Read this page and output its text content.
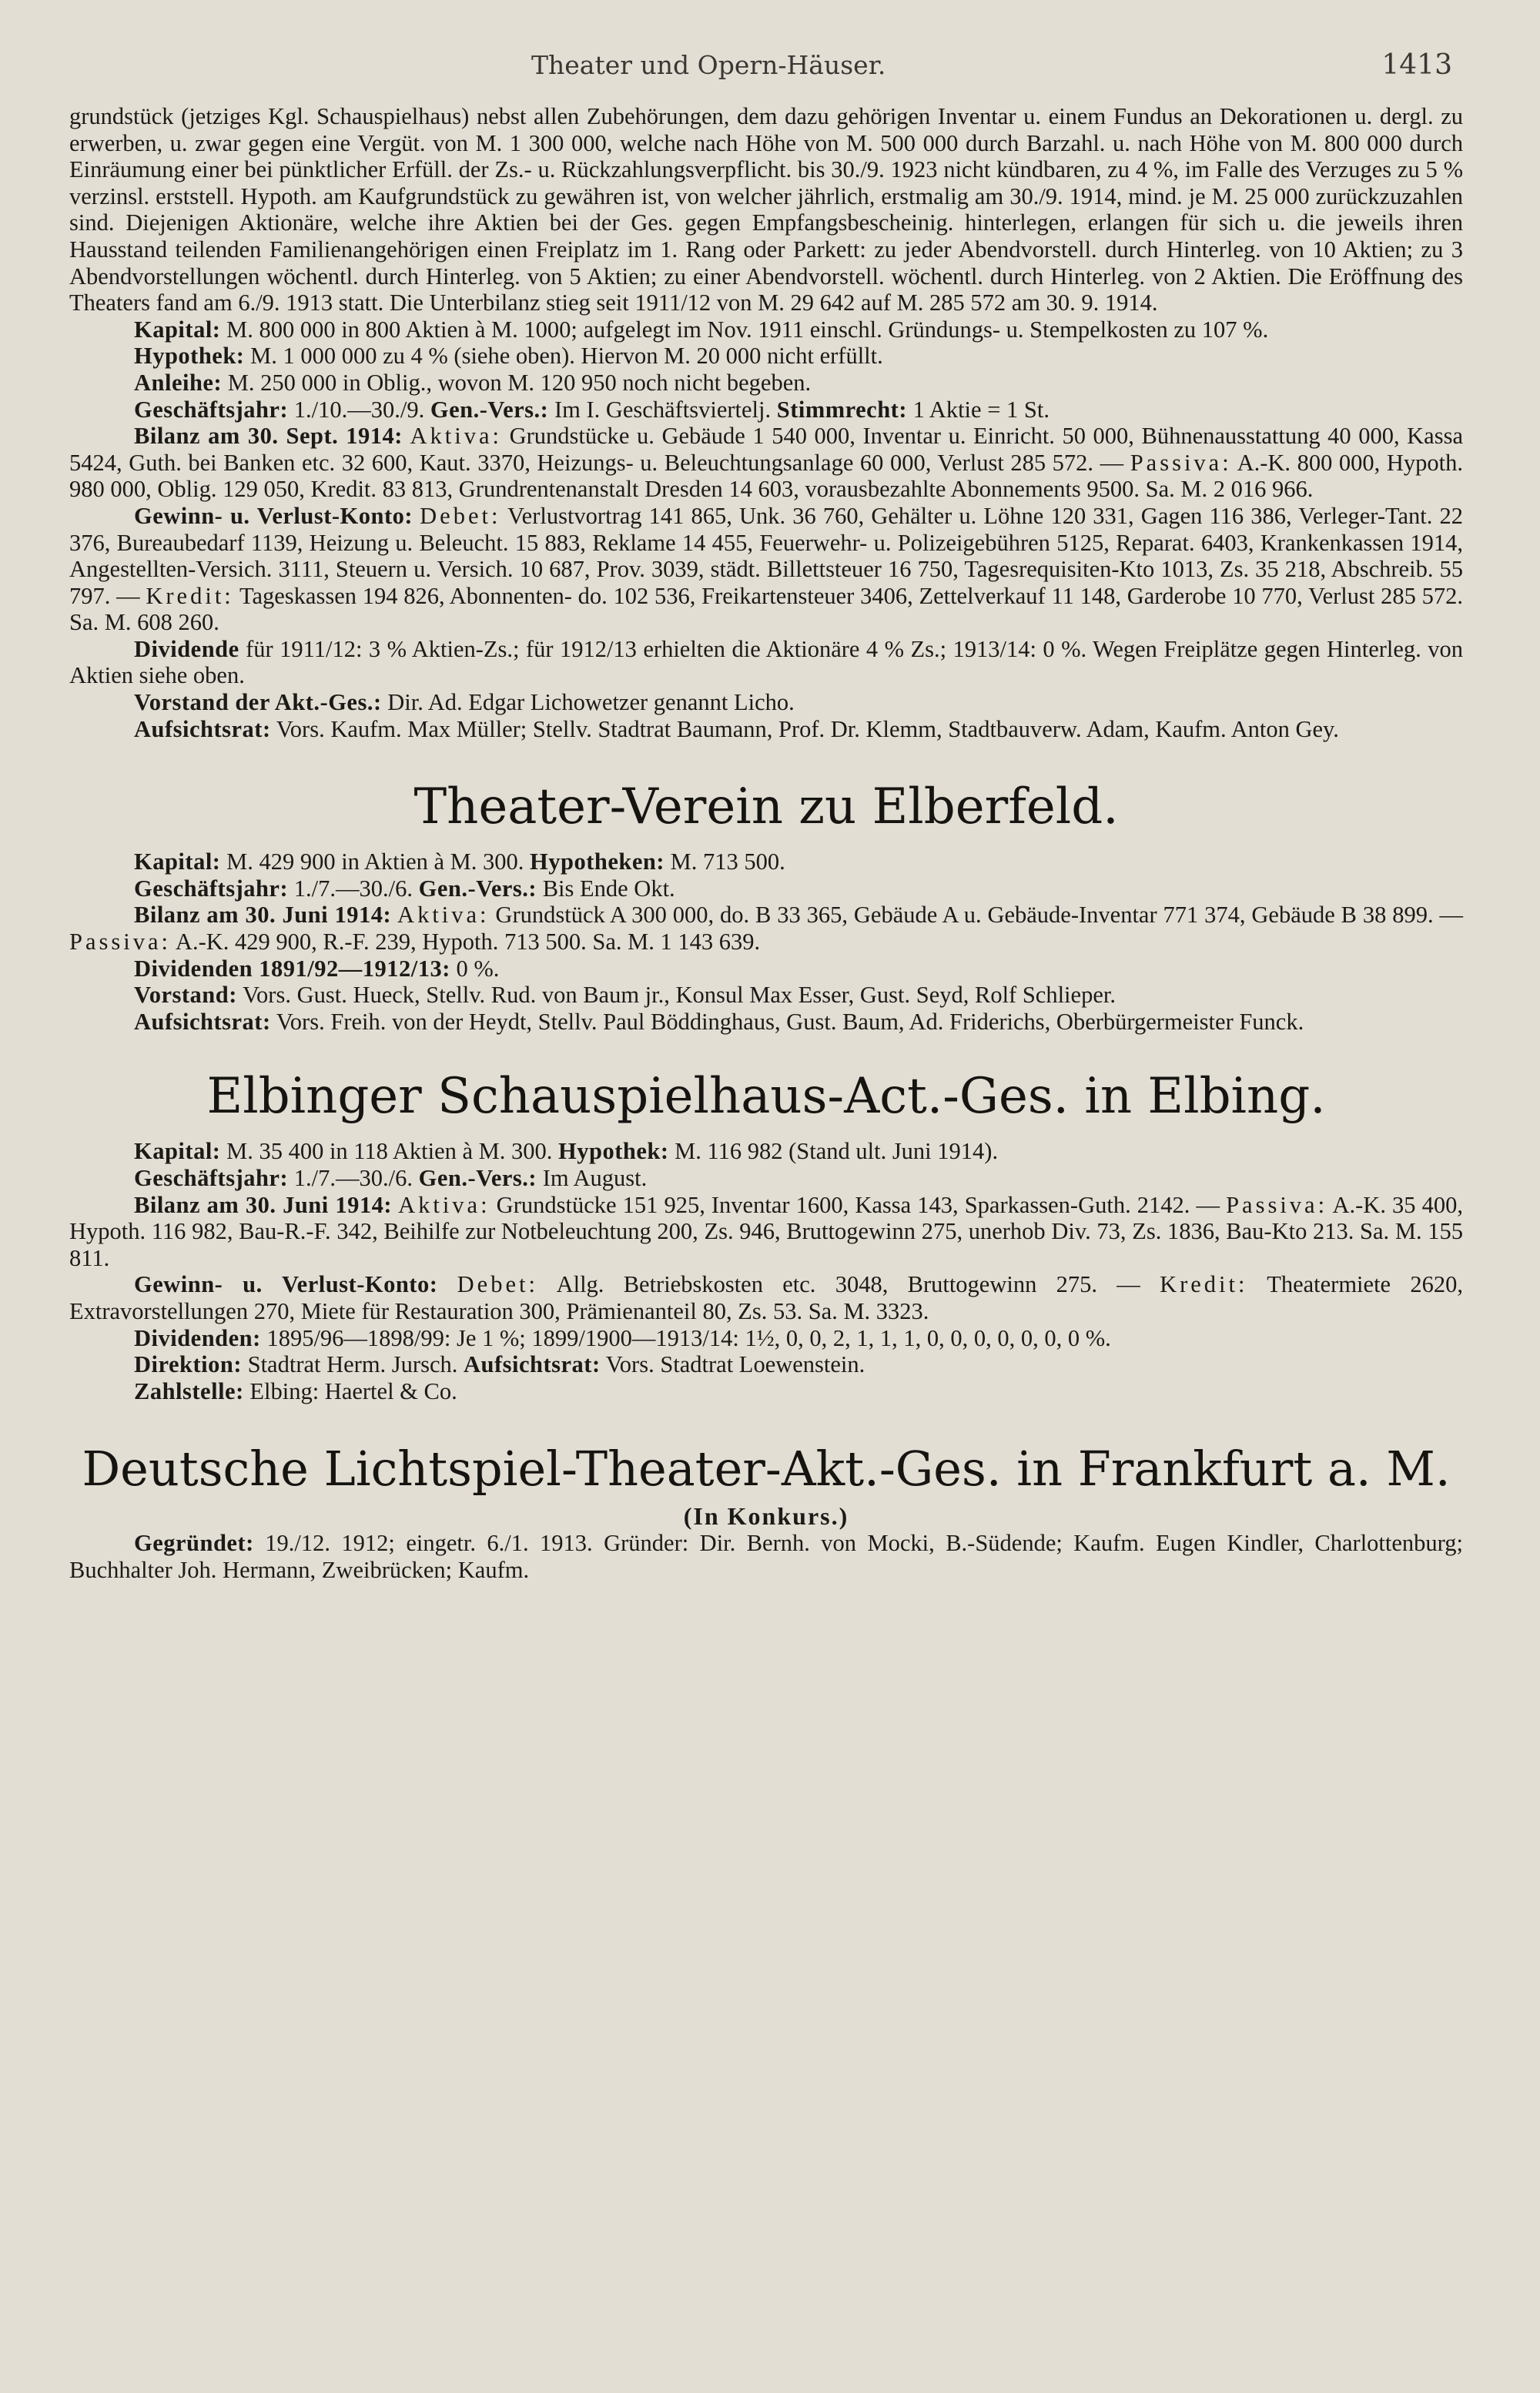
Theater und Opern-Häuser.	1413

grundstück (jetziges Kgl. Schauspielhaus) nebst allen Zubehörungen, dem dazu gehörigen Inventar u. einem Fundus an Dekorationen u. dergl. zu erwerben, u. zwar gegen eine Vergüt. von M. 1 300 000, welche nach Höhe von M. 500 000 durch Barzahl. u. nach Höhe von M. 800 000 durch Einräumung einer bei pünktlicher Erfüll. der Zs.- u. Rückzahlungsverpflicht. bis 30./9. 1923 nicht kündbaren, zu 4 %, im Falle des Verzuges zu 5 % verzinsl. erststell. Hypoth. am Kaufgrundstück zu gewähren ist, von welcher jährlich, erstmalig am 30./9. 1914, mind. je M. 25 000 zurückzuzahlen sind. Diejenigen Aktionäre, welche ihre Aktien bei der Ges. gegen Empfangsbescheinig. hinterlegen, erlangen für sich u. die jeweils ihren Hausstand teilenden Familienangehörigen einen Freiplatz im 1. Rang oder Parkett: zu jeder Abendvorstell. durch Hinterleg. von 10 Aktien; zu 3 Abendvorstellungen wöchentl. durch Hinterleg. von 5 Aktien; zu einer Abendvorstell. wöchentl. durch Hinterleg. von 2 Aktien. Die Eröffnung des Theaters fand am 6./9. 1913 statt. Die Unterbilanz stieg seit 1911/12 von M. 29 642 auf M. 285 572 am 30. 9. 1914.

Kapital: M. 800 000 in 800 Aktien à M. 1000; aufgelegt im Nov. 1911 einschl. Gründungs- u. Stempelkosten zu 107 %.

Hypothek: M. 1 000 000 zu 4 % (siehe oben). Hiervon M. 20 000 nicht erfüllt.

Anleihe: M. 250 000 in Oblig., wovon M. 120 950 noch nicht begeben.

Geschäftsjahr: 1./10.—30./9. Gen.-Vers.: Im I. Geschäftsviertelj. Stimmrecht: 1 Aktie = 1 St.

Bilanz am 30. Sept. 1914: Aktiva: Grundstücke u. Gebäude 1 540 000, Inventar u. Einricht. 50 000, Bühnenausstattung 40 000, Kassa 5424, Guth. bei Banken etc. 32 600, Kaut. 3370, Heizungs- u. Beleuchtungsanlage 60 000, Verlust 285 572. — Passiva: A.-K. 800 000, Hypoth. 980 000, Oblig. 129 050, Kredit. 83 813, Grundrentenanstalt Dresden 14 603, vorausbezahlte Abonnements 9500. Sa. M. 2 016 966.

Gewinn- u. Verlust-Konto: Debet: Verlustvortrag 141 865, Unk. 36 760, Gehälter u. Löhne 120 331, Gagen 116 386, Verleger-Tant. 22 376, Bureaubedarf 1139, Heizung u. Beleucht. 15 883, Reklame 14 455, Feuerwehr- u. Polizeigebühren 5125, Reparat. 6403, Krankenkassen 1914, Angestellten-Versich. 3111, Steuern u. Versich. 10 687, Prov. 3039, städt. Billettsteuer 16 750, Tagesrequisiten-Kto 1013, Zs. 35 218, Abschreib. 55 797. — Kredit: Tageskassen 194 826, Abonnenten- do. 102 536, Freikartensteuer 3406, Zettelverkauf 11 148, Garderobe 10 770, Verlust 285 572. Sa. M. 608 260.

Dividende für 1911/12: 3 % Aktien-Zs.; für 1912/13 erhielten die Aktionäre 4 % Zs.; 1913/14: 0 %. Wegen Freiplätze gegen Hinterleg. von Aktien siehe oben.

Vorstand der Akt.-Ges.: Dir. Ad. Edgar Lichowetzer genannt Licho.

Aufsichtsrat: Vors. Kaufm. Max Müller; Stellv. Stadtrat Baumann, Prof. Dr. Klemm, Stadtbauverw. Adam, Kaufm. Anton Gey.

Theater-Verein zu Elberfeld.

Kapital: M. 429 900 in Aktien à M. 300. Hypotheken: M. 713 500.

Geschäftsjahr: 1./7.—30./6. Gen.-Vers.: Bis Ende Okt.

Bilanz am 30. Juni 1914: Aktiva: Grundstück A 300 000, do. B 33 365, Gebäude A u. Gebäude-Inventar 771 374, Gebäude B 38 899. — Passiva: A.-K. 429 900, R.-F. 239, Hypoth. 713 500. Sa. M. 1 143 639.

Dividenden 1891/92—1912/13: 0 %.

Vorstand: Vors. Gust. Hueck, Stellv. Rud. von Baum jr., Konsul Max Esser, Gust. Seyd, Rolf Schlieper.

Aufsichtsrat: Vors. Freih. von der Heydt, Stellv. Paul Böddinghaus, Gust. Baum, Ad. Friderichs, Oberbürgermeister Funck.

Elbinger Schauspielhaus-Act.-Ges. in Elbing.

Kapital: M. 35 400 in 118 Aktien à M. 300. Hypothek: M. 116 982 (Stand ult. Juni 1914).

Geschäftsjahr: 1./7.—30./6. Gen.-Vers.: Im August.

Bilanz am 30. Juni 1914: Aktiva: Grundstücke 151 925, Inventar 1600, Kassa 143, Sparkassen-Guth. 2142. — Passiva: A.-K. 35 400, Hypoth. 116 982, Bau-R.-F. 342, Beihilfe zur Notbeleuchtung 200, Zs. 946, Bruttogewinn 275, unerhob Div. 73, Zs. 1836, Bau-Kto 213. Sa. M. 155 811.

Gewinn- u. Verlust-Konto: Debet: Allg. Betriebskosten etc. 3048, Bruttogewinn 275. — Kredit: Theatermiete 2620, Extravorstellungen 270, Miete für Restauration 300, Prämienanteil 80, Zs. 53. Sa. M. 3323.

Dividenden: 1895/96—1898/99: Je 1 %; 1899/1900—1913/14: 1½, 0, 0, 2, 1, 1, 1, 0, 0, 0, 0, 0, 0, 0 %.

Direktion: Stadtrat Herm. Jursch. Aufsichtsrat: Vors. Stadtrat Loewenstein.

Zahlstelle: Elbing: Haertel & Co.

Deutsche Lichtspiel-Theater-Akt.-Ges. in Frankfurt a. M.

(In Konkurs.)

Gegründet: 19./12. 1912; eingetr. 6./1. 1913. Gründer: Dir. Bernh. von Mocki, B.-Südende; Kaufm. Eugen Kindler, Charlottenburg; Buchhalter Joh. Hermann, Zweibrücken; Kaufm.
